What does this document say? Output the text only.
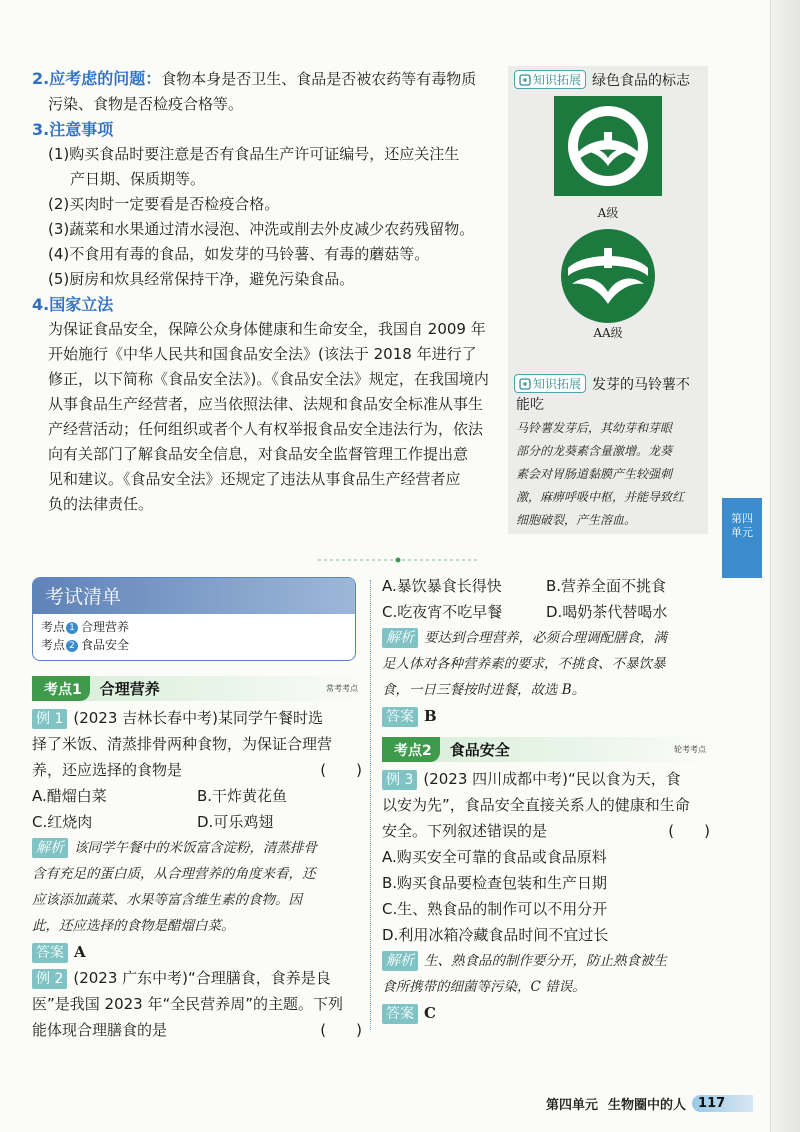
2.应考虑的问题：食物本身是否卫生、食品是否被农药等有毒物质

污染、食物是否检疫合格等。

3.注意事项

(1)购买食品时要注意是否有食品生产许可证编号，还应关注生

产日期、保质期等。

(2)买肉时一定要看是否检疫合格。

(3)蔬菜和水果通过清水浸泡、冲洗或削去外皮减少农药残留物。

(4)不食用有毒的食品，如发芽的马铃薯、有毒的蘑菇等。

(5)厨房和炊具经常保持干净，避免污染食品。

4.国家立法

为保证食品安全，保障公众身体健康和生命安全，我国自 2009 年

开始施行《中华人民共和国食品安全法》(该法于 2018 年进行了

修正，以下简称《食品安全法》)。《食品安全法》规定，在我国境内

从事食品生产经营者，应当依照法律、法规和食品安全标准从事生

产经营活动；任何组织或者个人有权举报食品安全违法行为，依法

向有关部门了解食品安全信息，对食品安全监督管理工作提出意

见和建议。《食品安全法》还规定了违法从事食品生产经营者应

负的法律责任。

知识拓展 绿色食品的标志
A级
AA级
知识拓展 发芽的马铃薯不
能吃
马铃薯发芽后，其幼芽和芽眼
部分的龙葵素含量激增。龙葵
素会对胃肠道黏膜产生较强刺
激，麻痹呼吸中枢，并能导致红
细胞破裂，产生溶血。	第四
单元
考试清单
考点 1 合理营养
考点 2 食品安全
考点1	合理营养	常考考点
例 1 (2023 吉林长春中考)某同学午餐时选
择了米饭、清蒸排骨两种食物，为保证合理营
养，还应选择的食物是	(　　)
A.醋熘白菜	B.干炸黄花鱼
C.红烧肉	D.可乐鸡翅
解析 该同学午餐中的米饭富含淀粉，清蒸排骨
含有充足的蛋白质，从合理营养的角度来看，还
应该添加蔬菜、水果等富含维生素的食物。因
此，还应选择的食物是醋熘白菜。
答案 A
例 2 (2023 广东中考)“合理膳食，食养是良
医”是我国 2023 年“全民营养周”的主题。下列
能体现合理膳食的是	(　　)
A.暴饮暴食长得快	B.营养全面不挑食
C.吃夜宵不吃早餐	D.喝奶茶代替喝水
解析 要达到合理营养，必须合理调配膳食，满
足人体对各种营养素的要求，不挑食、不暴饮暴
食，一日三餐按时进餐，故选 B。
答案 B
考点2	食品安全	轮考考点
例 3 (2023 四川成都中考)“民以食为天，食
以安为先”，食品安全直接关系人的健康和生命
安全。下列叙述错误的是	(　　)
A.购买安全可靠的食品或食品原料
B.购买食品要检查包装和生产日期
C.生、熟食品的制作可以不用分开
D.利用冰箱冷藏食品时间不宜过长
解析 生、熟食品的制作要分开，防止熟食被生
食所携带的细菌等污染，C 错误。
答案 C
第四单元 生物圈中的人 117
